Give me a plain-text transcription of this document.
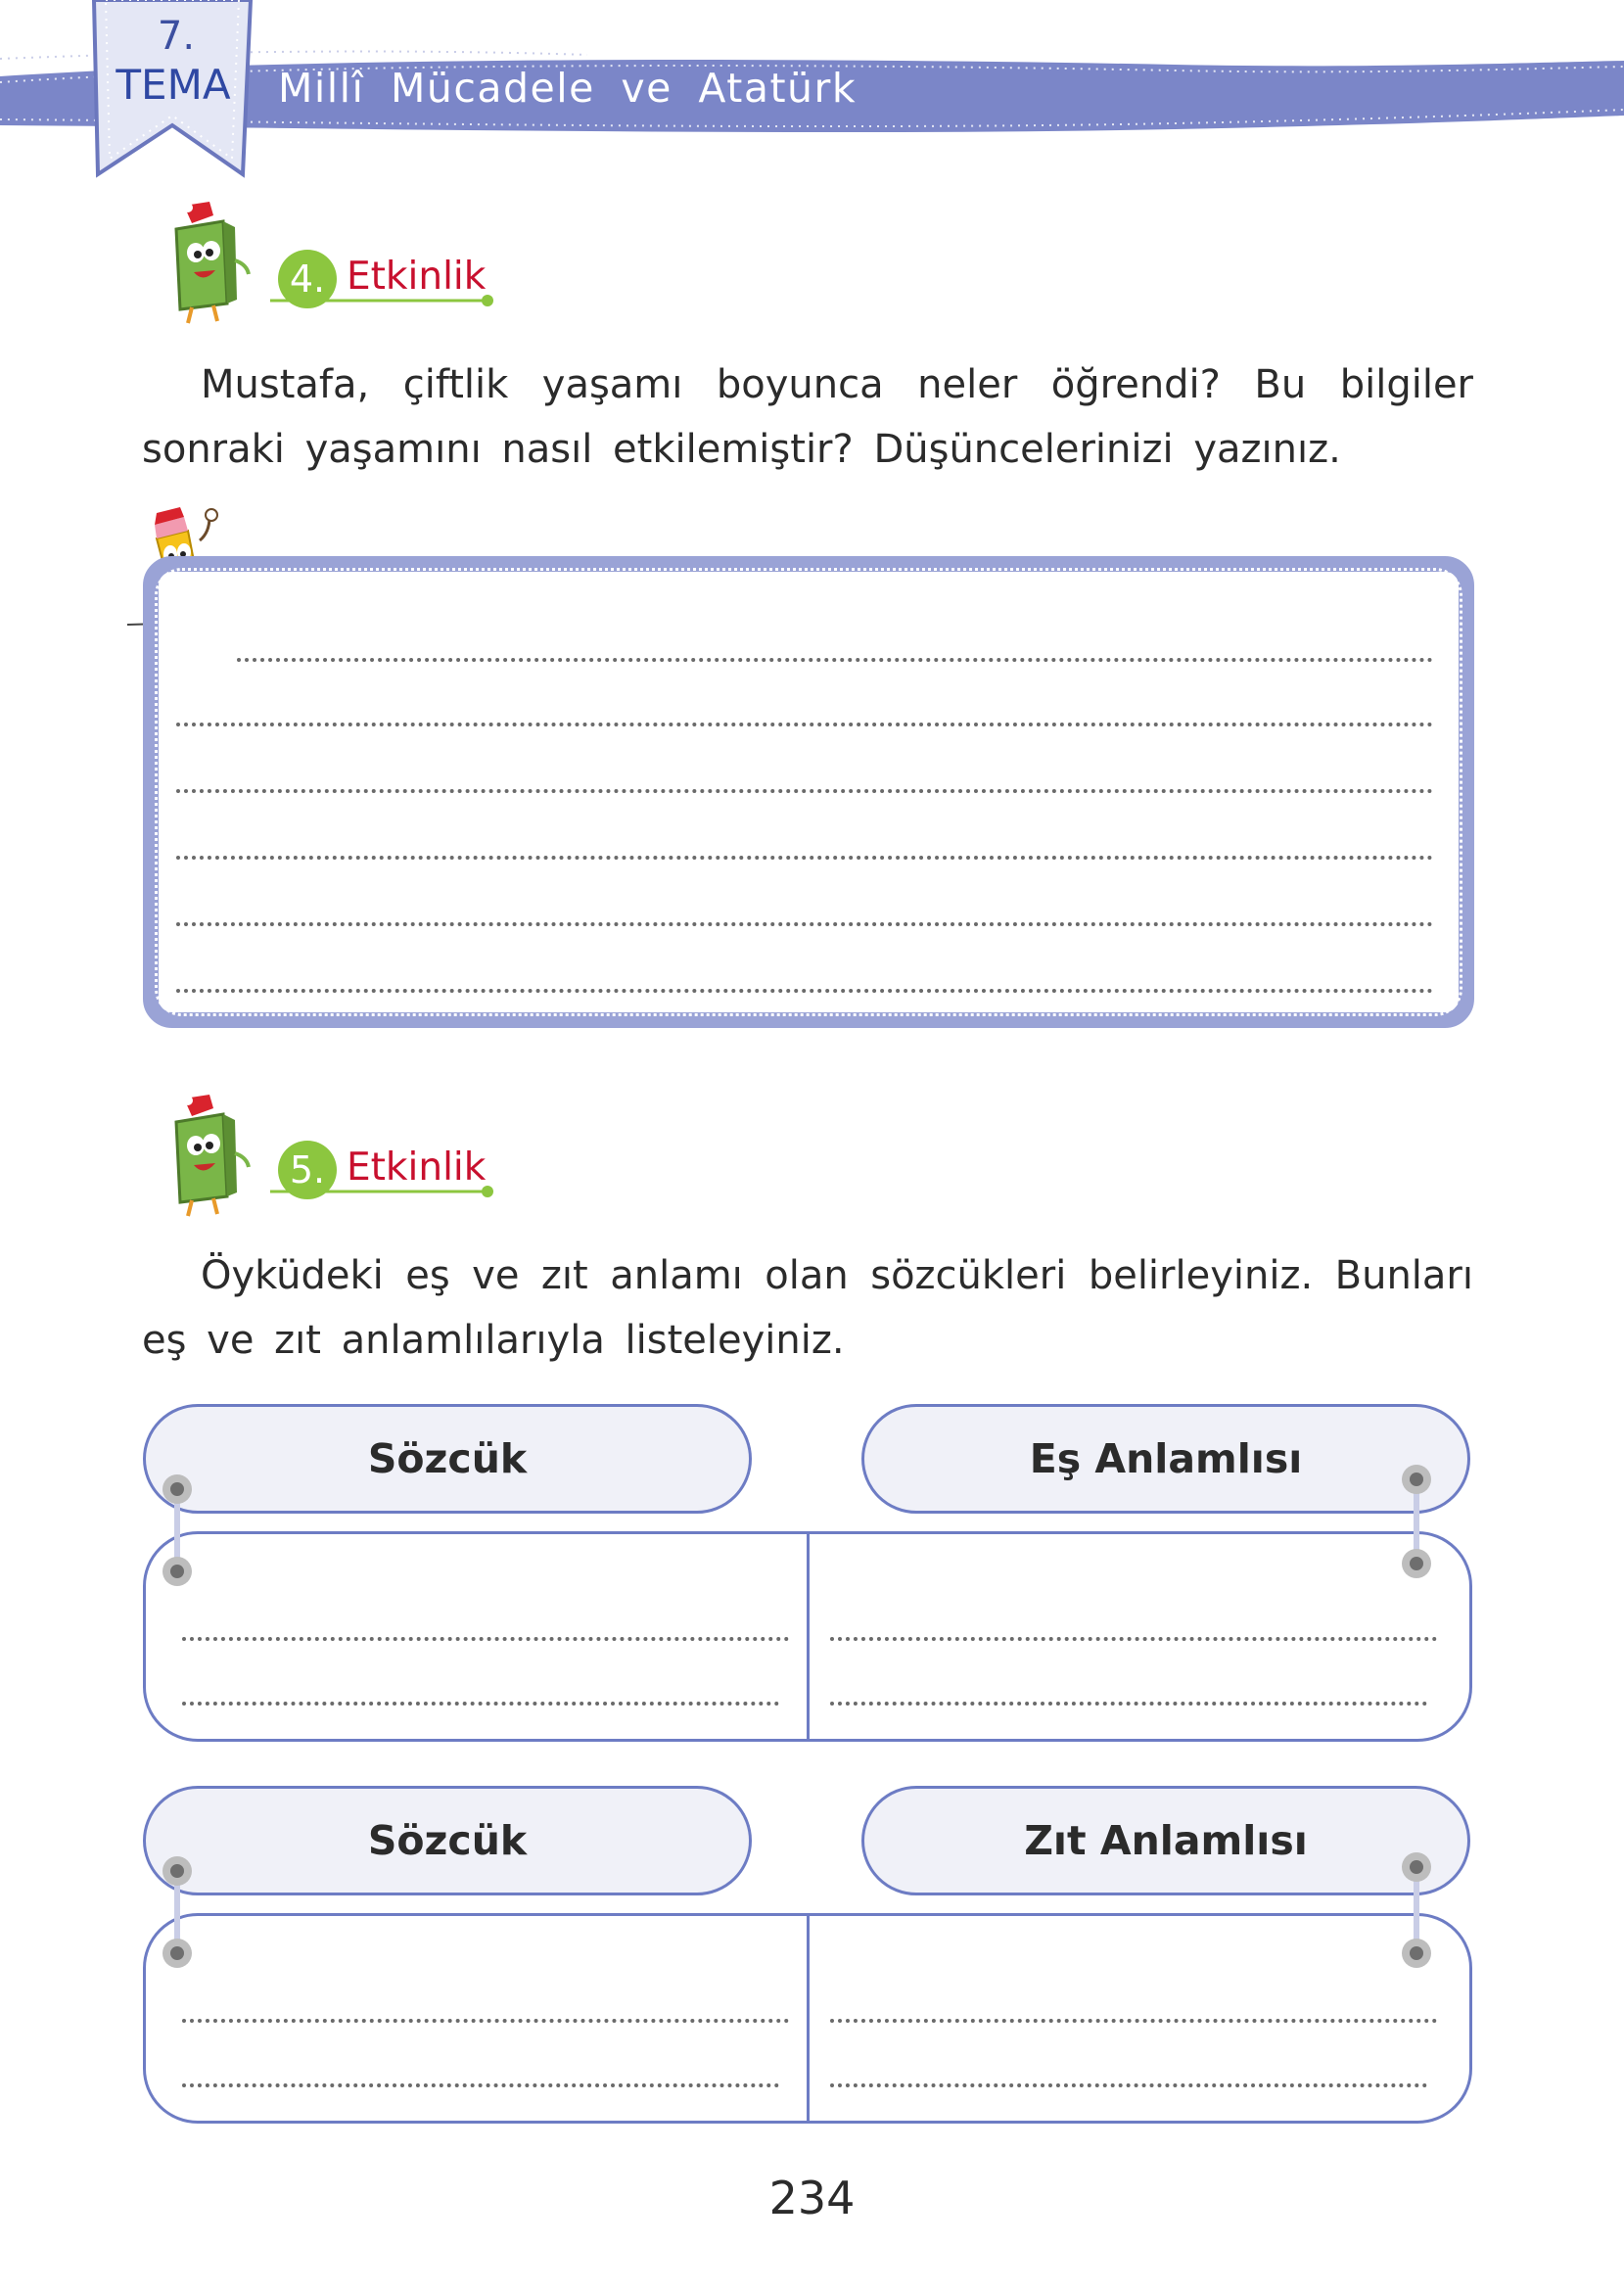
7.
TEMA Millî Mücadele ve Atatürk
4. Etkinlik

Mustafa, çiftlik yaşamı boyunca neler öğrendi? Bu bilgiler sonraki yaşamını nasıl etkilemiştir? Düşüncelerinizi yazınız.

5. Etkinlik

Öyküdeki eş ve zıt anlamı olan sözcükleri belirleyiniz. Bunları eş ve zıt anlamlılarıyla listeleyiniz.

Sözcük	Eş Anlamlısı
Sözcük	Zıt Anlamlısı
234
